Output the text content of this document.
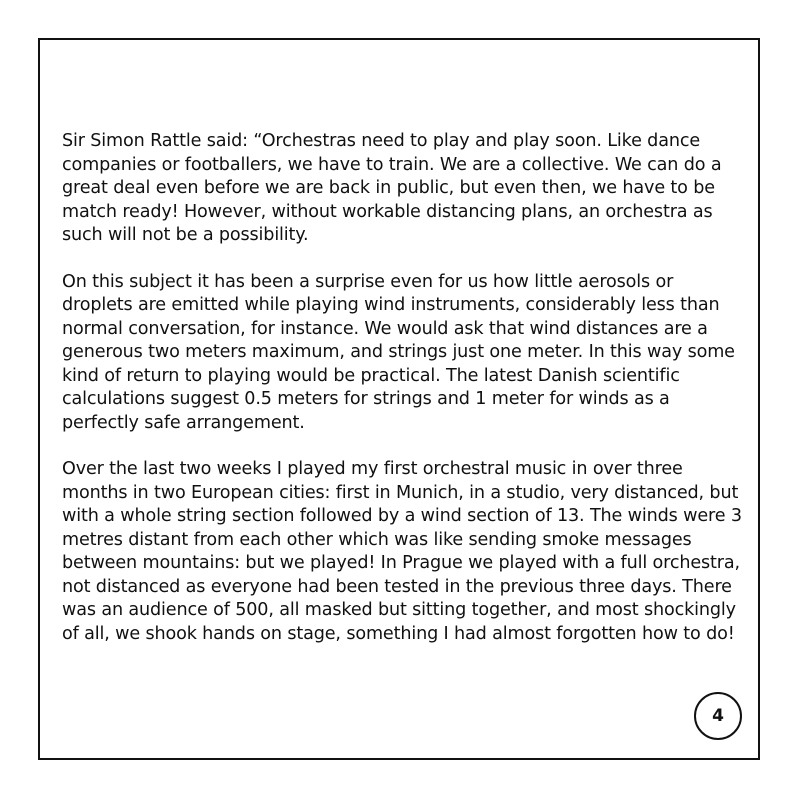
Sir Simon Rattle said: “Orchestras need to play and play soon. Like dance companies or footballers, we have to train. We are a collective. We can do a great deal even before we are back in public, but even then, we have to be match ready! However, without workable distancing plans, an orchestra as such will not be a possibility.

On this subject it has been a surprise even for us how little aerosols or droplets are emitted while playing wind instruments, considerably less than normal conversation, for instance. We would ask that wind distances are a generous two meters maximum, and strings just one meter. In this way some kind of return to playing would be practical. The latest Danish scientific calculations suggest 0.5 meters for strings and 1 meter for winds as a perfectly safe arrangement.

Over the last two weeks I played my first orchestral music in over three months in two European cities: first in Munich, in a studio, very distanced, but with a whole string section followed by a wind section of 13. The winds were 3 metres distant from each other which was like sending smoke messages between mountains: but we played! In Prague we played with a full orchestra, not distanced as everyone had been tested in the previous three days. There was an audience of 500, all masked but sitting together, and most shockingly of all, we shook hands on stage, something I had almost forgotten how to do!

4
